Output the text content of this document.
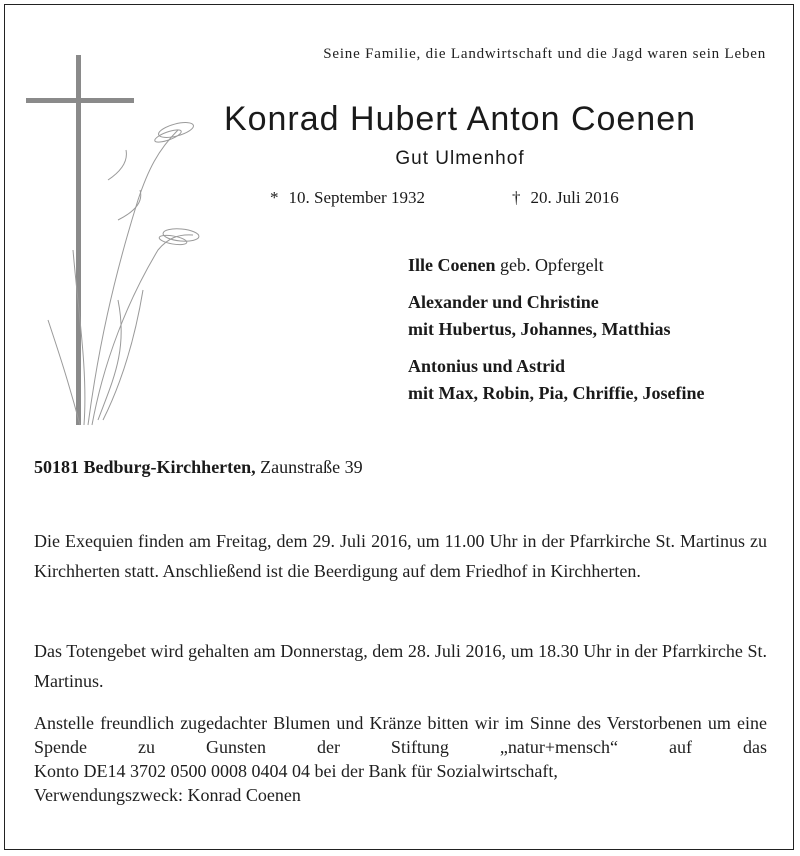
Seine Familie, die Landwirtschaft und die Jagd waren sein Leben
Konrad Hubert Anton Coenen
Gut Ulmenhof
* 10. September 1932	† 20. Juli 2016
Ille Coenen geb. Opfergelt
Alexander und Christine
mit Hubertus, Johannes, Matthias
Antonius und Astrid
mit Max, Robin, Pia, Chriffie, Josefine
50181 Bedburg-Kirchherten, Zaunstraße 39
Die Exequien finden am Freitag, dem 29. Juli 2016, um 11.00 Uhr in der Pfarrkirche St. Martinus zu Kirchherten statt. Anschließend ist die Beerdigung auf dem Friedhof in Kirchherten.
Das Totengebet wird gehalten am Donnerstag, dem 28. Juli 2016, um 18.30 Uhr in der Pfarrkirche St. Martinus.
Anstelle freundlich zugedachter Blumen und Kränze bitten wir im Sinne des Verstorbenen um eine Spende zu Gunsten der Stiftung „natur+mensch“ auf das
Konto DE14 3702 0500 0008 0404 04 bei der Bank für Sozialwirtschaft,
Verwendungszweck: Konrad Coenen
